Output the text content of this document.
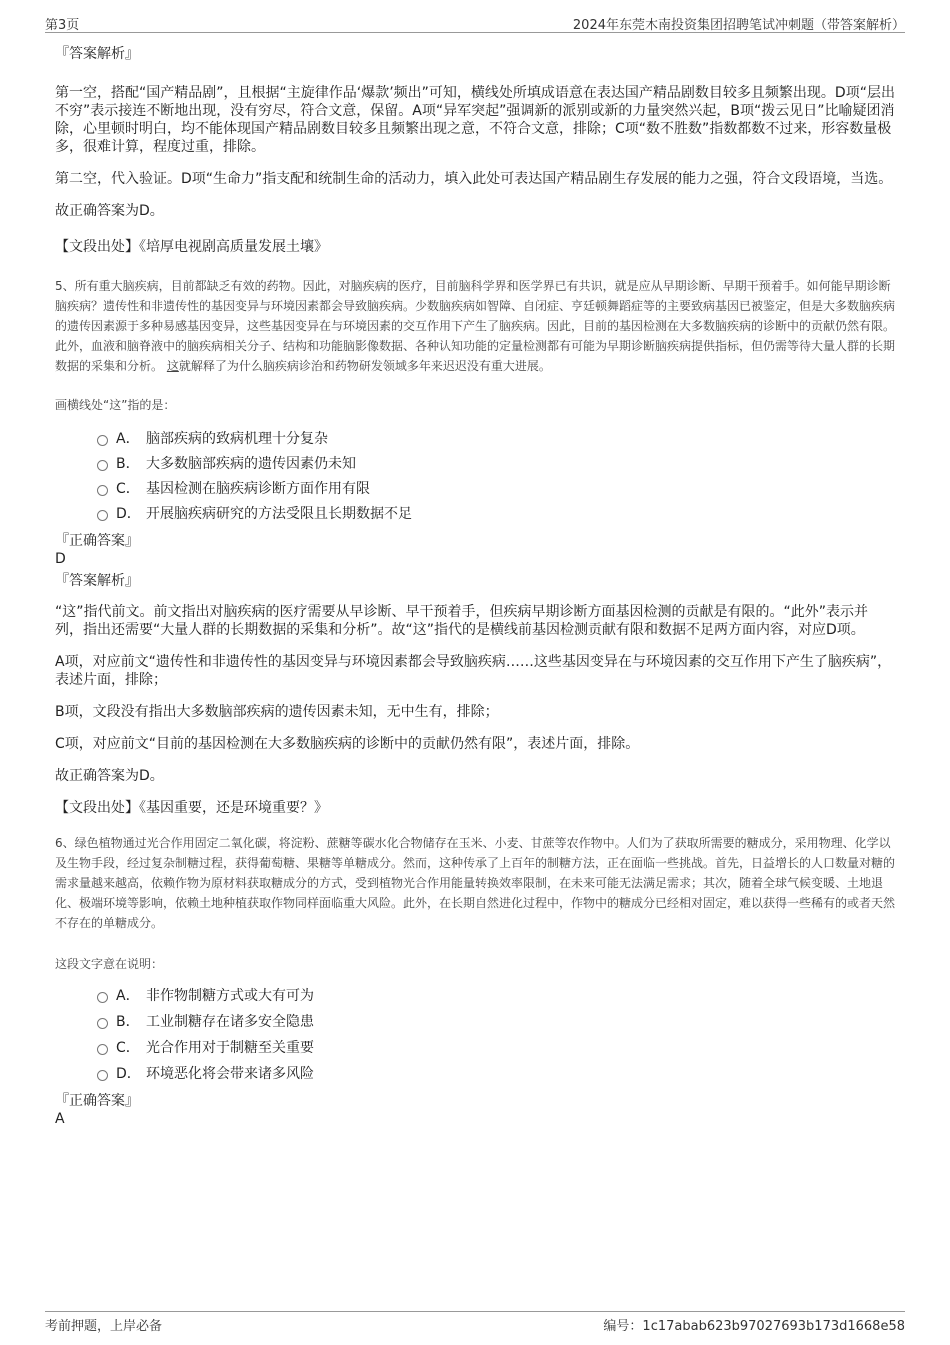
第3页	2024年东莞木南投资集团招聘笔试冲刺题（带答案解析）

『答案解析』

第一空，搭配“国产精品剧”，且根据“主旋律作品‘爆款’频出”可知，横线处所填成语意在表达国产精品剧数目较多且频繁出现。D项“层出不穷”表示接连不断地出现，没有穷尽，符合文意，保留。A项“异军突起”强调新的派别或新的力量突然兴起，B项“拨云见日”比喻疑团消除，心里顿时明白，均不能体现国产精品剧数目较多且频繁出现之意，不符合文意，排除；C项“数不胜数”指数都数不过来，形容数量极多，很难计算，程度过重，排除。

第二空，代入验证。D项“生命力”指支配和统制生命的活动力，填入此处可表达国产精品剧生存发展的能力之强，符合文段语境，当选。

故正确答案为D。

【文段出处】《培厚电视剧高质量发展土壤》

5、所有重大脑疾病，目前都缺乏有效的药物。因此，对脑疾病的医疗，目前脑科学界和医学界已有共识，就是应从早期诊断、早期干预着手。如何能早期诊断脑疾病？遗传性和非遗传性的基因变异与环境因素都会导致脑疾病。少数脑疾病如智障、自闭症、亨廷顿舞蹈症等的主要致病基因已被鉴定，但是大多数脑疾病的遗传因素源于多种易感基因变异，这些基因变异在与环境因素的交互作用下产生了脑疾病。因此，目前的基因检测在大多数脑疾病的诊断中的贡献仍然有限。此外，血液和脑脊液中的脑疾病相关分子、结构和功能脑影像数据、各种认知功能的定量检测都有可能为早期诊断脑疾病提供指标，但仍需等待大量人群的长期数据的采集和分析。 这就解释了为什么脑疾病诊治和药物研发领域多年来迟迟没有重大进展。

画横线处“这”指的是：

A． 脑部疾病的致病机理十分复杂
B． 大多数脑部疾病的遗传因素仍未知
C． 基因检测在脑疾病诊断方面作用有限
D． 开展脑疾病研究的方法受限且长期数据不足

『正确答案』

D

『答案解析』

“这”指代前文。前文指出对脑疾病的医疗需要从早诊断、早干预着手，但疾病早期诊断方面基因检测的贡献是有限的。“此外”表示并列，指出还需要“大量人群的长期数据的采集和分析”。故“这”指代的是横线前基因检测贡献有限和数据不足两方面内容，对应D项。

A项，对应前文“遗传性和非遗传性的基因变异与环境因素都会导致脑疾病……这些基因变异在与环境因素的交互作用下产生了脑疾病”，表述片面，排除；

B项，文段没有指出大多数脑部疾病的遗传因素未知，无中生有，排除；

C项，对应前文“目前的基因检测在大多数脑疾病的诊断中的贡献仍然有限”，表述片面，排除。

故正确答案为D。

【文段出处】《基因重要，还是环境重要？》

6、绿色植物通过光合作用固定二氧化碳，将淀粉、蔗糖等碳水化合物储存在玉米、小麦、甘蔗等农作物中。人们为了获取所需要的糖成分，采用物理、化学以及生物手段，经过复杂制糖过程，获得葡萄糖、果糖等单糖成分。然而，这种传承了上百年的制糖方法，正在面临一些挑战。首先，日益增长的人口数量对糖的需求量越来越高，依赖作物为原材料获取糖成分的方式，受到植物光合作用能量转换效率限制，在未来可能无法满足需求；其次，随着全球气候变暖、土地退化、极端环境等影响，依赖土地种植获取作物同样面临重大风险。此外，在长期自然进化过程中，作物中的糖成分已经相对固定，难以获得一些稀有的或者天然不存在的单糖成分。

这段文字意在说明：

A． 非作物制糖方式或大有可为
B． 工业制糖存在诸多安全隐患
C． 光合作用对于制糖至关重要
D． 环境恶化将会带来诸多风险

『正确答案』

A

考前押题，上岸必备	编号：1c17abab623b97027693b173d1668e58
